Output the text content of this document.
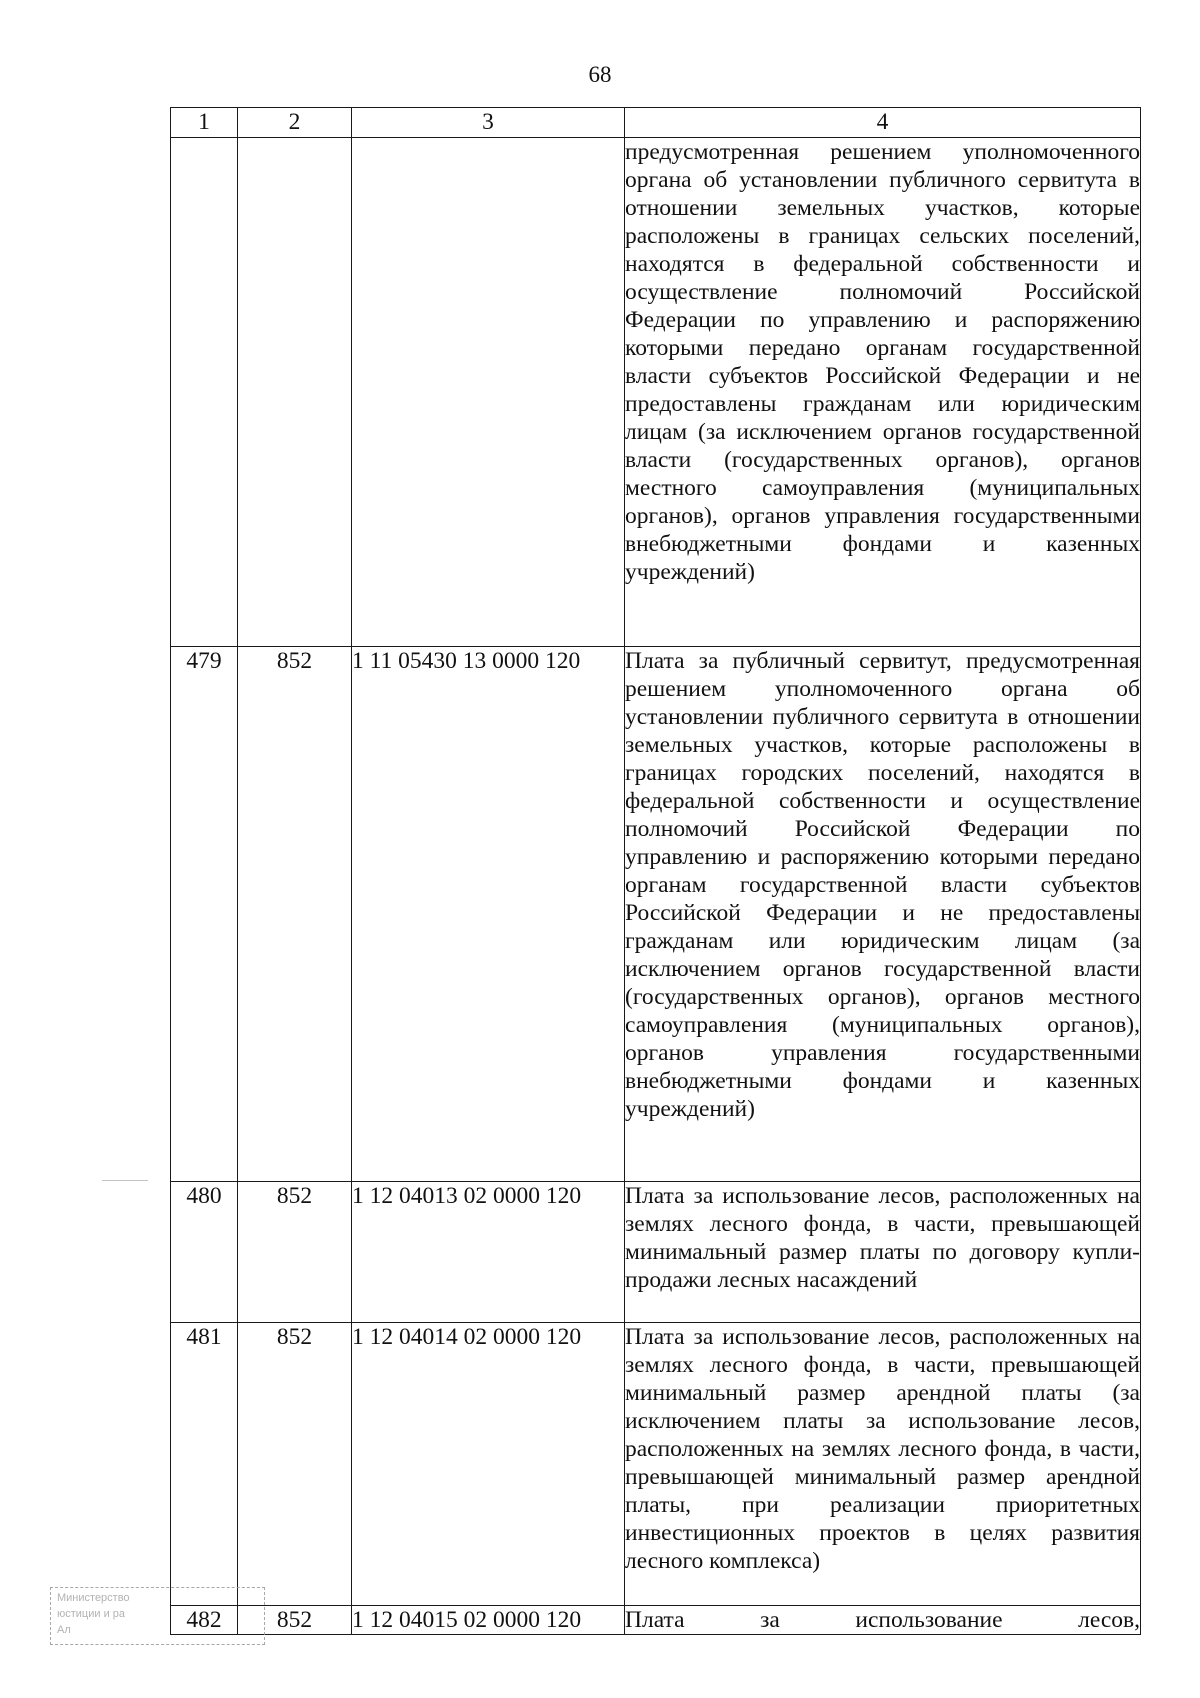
68
1	2	3	4

			предусмотренная решением уполномоченного органа об установлении публичного сервитута в отношении земельных участков, которые расположены в границах сельских поселений, находятся в федеральной собственности и осуществление полномочий Российской Федерации по управлению и распоряжению которыми передано органам государственной власти субъектов Российской Федерации и не предоставлены гражданам или юридическим лицам (за исключением органов государственной власти (государственных органов), органов местного самоуправления (муниципальных органов), органов управления государственными внебюджетными фондами и казенных учреждений)

479	852	1 11 05430 13 0000 120	Плата за публичный сервитут, предусмотренная решением уполномоченного органа об установлении публичного сервитута в отношении земельных участков, которые расположены в границах городских поселений, находятся в федеральной собственности и осуществление полномочий Российской Федерации по управлению и распоряжению которыми передано органам государственной власти субъектов Российской Федерации и не предоставлены гражданам или юридическим лицам (за исключением органов государственной власти (государственных органов), органов местного самоуправления (муниципальных органов), органов управления государственными внебюджетными фондами и казенных учреждений)

480	852	1 12 04013 02 0000 120	Плата за использование лесов, расположенных на землях лесного фонда, в части, превышающей минимальный размер платы по договору купли-продажи лесных насаждений

481	852	1 12 04014 02 0000 120	Плата за использование лесов, расположенных на землях лесного фонда, в части, превышающей минимальный размер арендной платы (за исключением платы за использование лесов, расположенных на землях лесного фонда, в части, превышающей минимальный размер арендной платы, при реализации приоритетных инвестиционных проектов в целях развития лесного комплекса)

482	852	1 12 04015 02 0000 120	Плата за использование лесов,
Министерство
юстиции и ра
Ал
